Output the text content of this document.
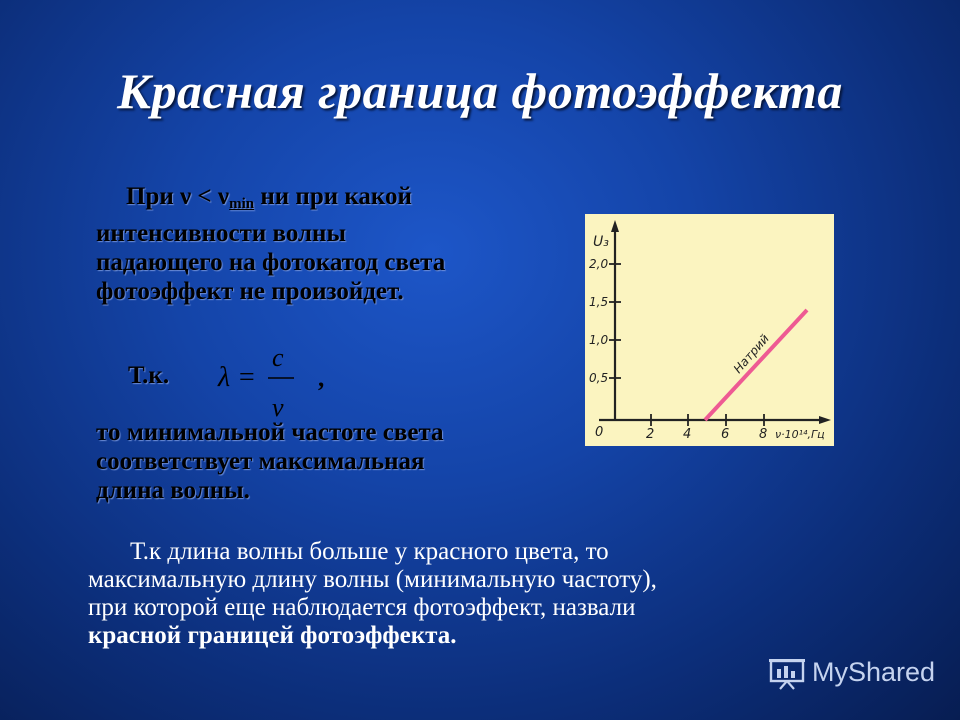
Красная граница фотоэффекта
При $\nu < \nu_{min}$ ни при какой
интенсивности волны
падающего на фотокатод света
фотоэффект не произойдет.
Т.к. λ =
c
ν
,
то минимальной частоте света
соответствует максимальная
длина волны.
Т.к длина волны больше у красного цвета, то
максимальную длину волны (минимальную частоту),
при которой еще наблюдается фотоэффект, назвали
красной границей фотоэффекта.
U₃
2,0
1,5
1,0
0,5
0	2 4 6 8 ν·10¹⁴,Гц
Натрий
MyShared
